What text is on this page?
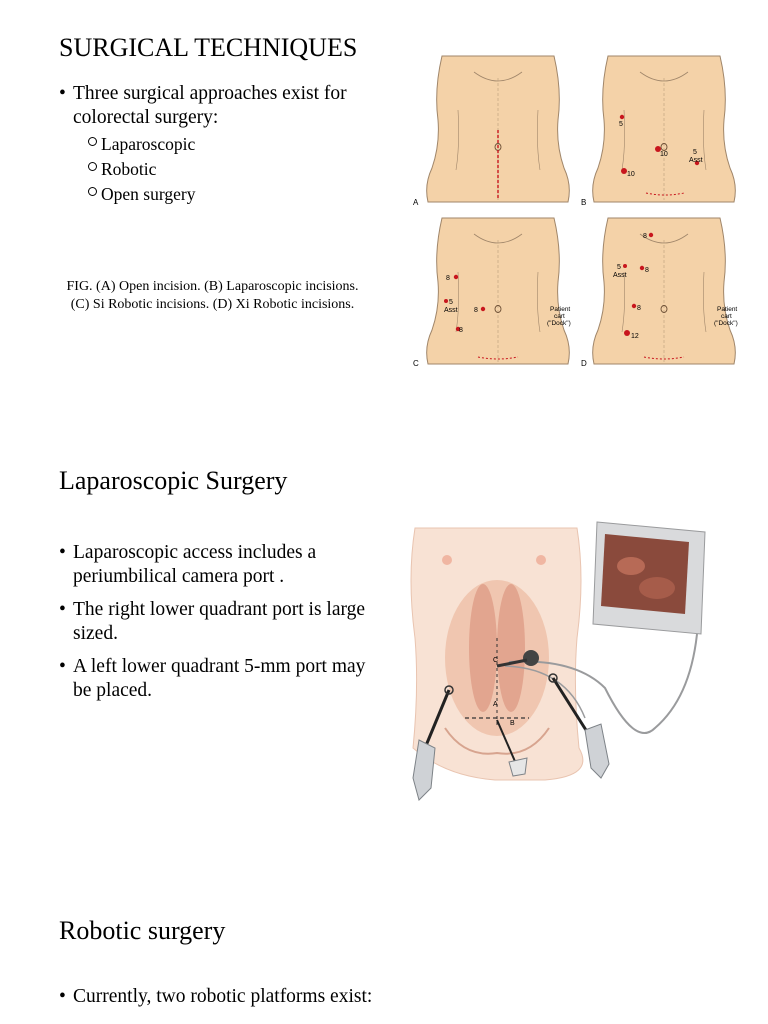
SURGICAL TECHNIQUES
• Three surgical approaches exist for colorectal surgery:
Laparoscopic
Robotic
Open surgery
FIG. (A) Open incision. (B) Laparoscopic incisions.
(C) Si Robotic incisions. (D) Xi Robotic incisions.
A
5
10
10
5
Asst
B
8
5
Asst 8
8
Patient
cart
("Dock")
C
8
5
Asst
8
8
12
Patient
cart
("Dock")
D
Laparoscopic Surgery
• Laparoscopic access includes a periumbilical camera port .
• The right lower quadrant port is large sized.
• A left lower quadrant 5-mm port may be placed.
C
A
B
Robotic surgery
• Currently, two robotic platforms exist:
